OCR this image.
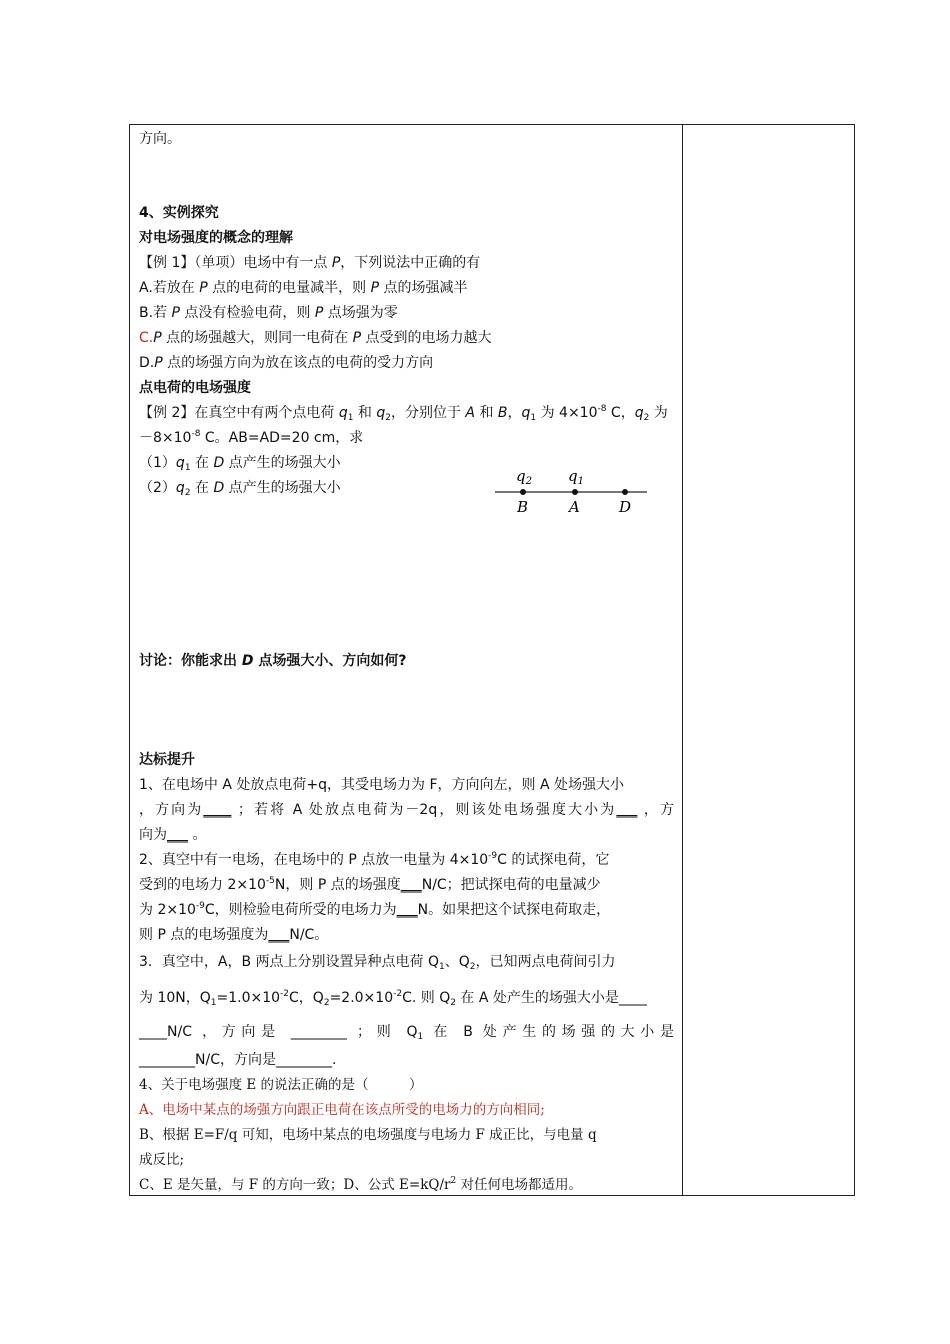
方向。
4、实例探究
对电场强度的概念的理解
【例 1】（单项）电场中有一点 P，下列说法中正确的有
A.若放在 P 点的电荷的电量减半，则 P 点的场强减半
B.若 P 点没有检验电荷，则 P 点场强为零
C.P 点的场强越大，则同一电荷在 P 点受到的电场力越大
D.P 点的场强方向为放在该点的电荷的受力方向
点电荷的电场强度
【例 2】在真空中有两个点电荷 $q_1$ 和 $q_2$，分别位于 A 和 B，$q_1$ 为 $4\times 10^{-8}$ C，$q_2$ 为
$-8\times 10^{-8}$ C。AB=AD=20 cm，求
$(1)q_1$ 在 D 点产生的场强大小
$(2)q_2$ 在 D 点产生的场强大小
$q_2$ $q_1$
B	A	D
讨论：你能求出 D 点场强大小、方向如何?
达标提升
1、在电场中 A 处放点电荷+q，其受电场力为 F，方向向左，则 A 处场强大小
，方向为____ ；若将 A 处放点电荷为－2q，则该处电场强度大小为___ ，方
向为___ 。
2、真空中有一电场，在电场中的 P 点放一电量为 $4\times 10^{-9}C$ 的试探电荷，它
受到的电场力 $2\times 10^{-5}N$，则 P 点的场强度___N/C；把试探电荷的电量减少
为 $2\times 10^{-9}C$，则检验电荷所受的电场力为___N。如果把这个试探电荷取走，
则 P 点的电场强度为___N/C。
3．真空中，A，B 两点上分别设置异种点电荷 $Q_1$、$Q_2$，已知两点电荷间引力
为 10N，$Q_1=1.0\times 10^{-2}C$，$Q_2=2.0\times 10^{-2}C$. 则 $Q_2$ 在 A 处产生的场强大小是____
____N/C ，方向是 ________ ；则 $Q_1$ 在 B 处产生的场强的大小是
________N/C，方向是________.
4、关于电场强度 E 的说法正确的是（　　　）
A、电场中某点的场强方向跟正电荷在该点所受的电场力的方向相同;
B、根据 E=F/q 可知，电场中某点的电场强度与电场力 F 成正比，与电量 q
成反比;
C、E 是矢量，与 F 的方向一致；D、公式 $E=kQ/r^2$ 对任何电场都适用。
